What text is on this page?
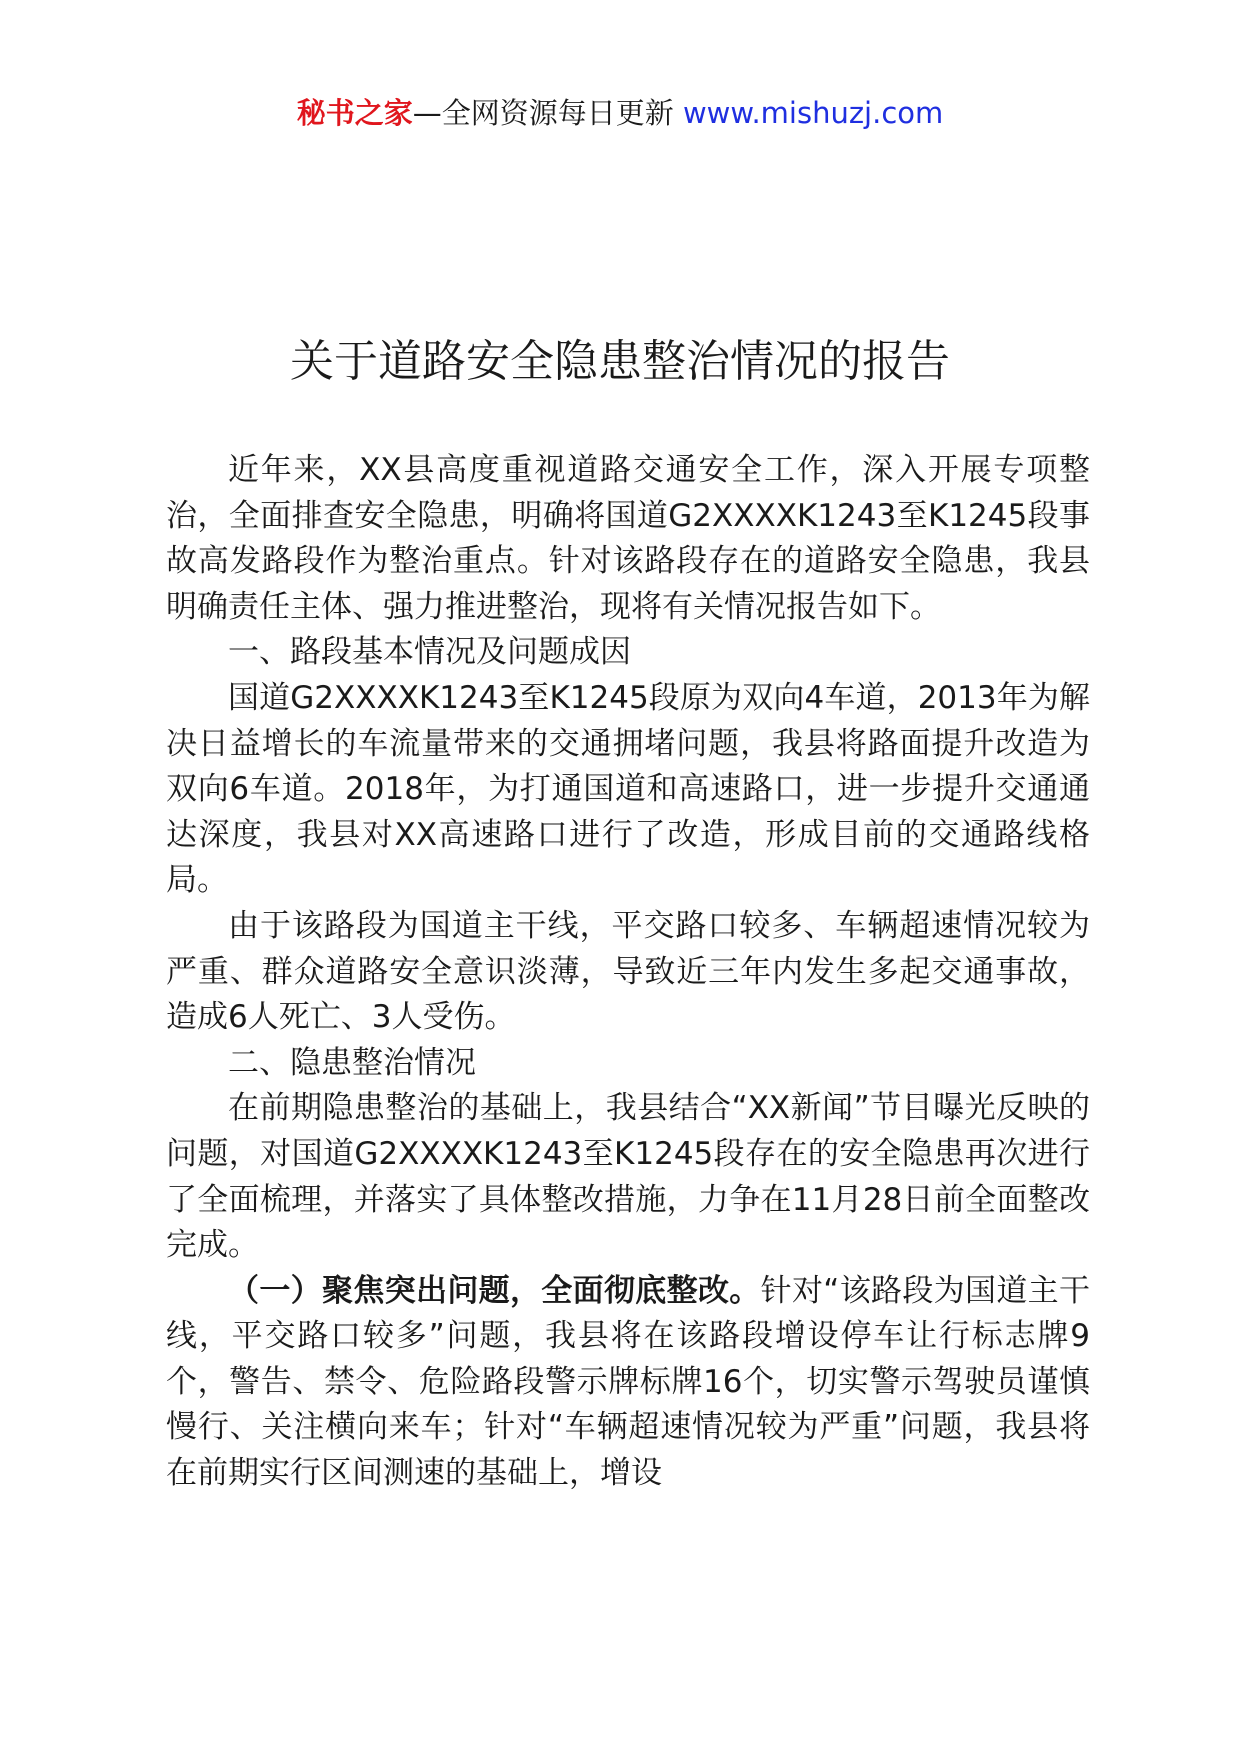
秘书之家—全网资源每日更新 www.mishuzj.com
关于道路安全隐患整治情况的报告

近年来，XX县高度重视道路交通安全工作，深入开展专项整治，全面排查安全隐患，明确将国道G2XXXXK1243至K1245段事故高发路段作为整治重点。针对该路段存在的道路安全隐患，我县明确责任主体、强力推进整治，现将有关情况报告如下。

一、路段基本情况及问题成因

国道G2XXXXK1243至K1245段原为双向4车道，2013年为解决日益增长的车流量带来的交通拥堵问题，我县将路面提升改造为双向6车道。2018年，为打通国道和高速路口，进一步提升交通通达深度，我县对XX高速路口进行了改造，形成目前的交通路线格局。

由于该路段为国道主干线，平交路口较多、车辆超速情况较为严重、群众道路安全意识淡薄，导致近三年内发生多起交通事故，造成6人死亡、3人受伤。

二、隐患整治情况

在前期隐患整治的基础上，我县结合“XX新闻”节目曝光反映的问题，对国道G2XXXXK1243至K1245段存在的安全隐患再次进行了全面梳理，并落实了具体整改措施，力争在11月28日前全面整改完成。

（一）聚焦突出问题，全面彻底整改。针对“该路段为国道主干线，平交路口较多”问题，我县将在该路段增设停车让行标志牌9个，警告、禁令、危险路段警示牌标牌16个，切实警示驾驶员谨慎慢行、关注横向来车；针对“车辆超速情况较为严重”问题，我县将在前期实行区间测速的基础上，增设
